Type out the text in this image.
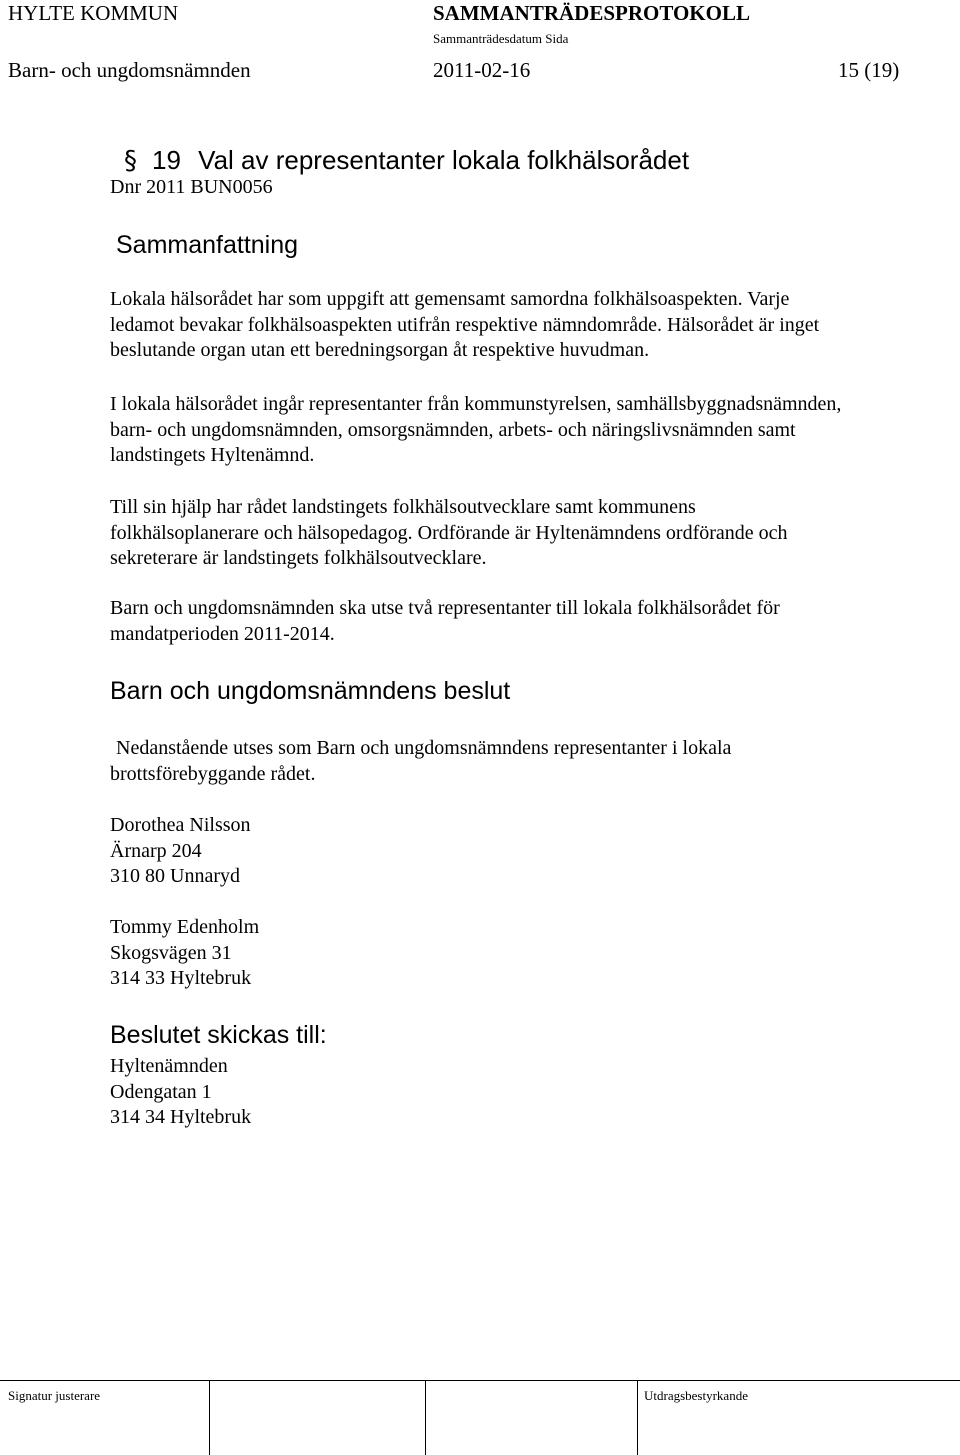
HYLTE KOMMUN	SAMMANTRÄDESPROTOKOLL
Sammanträdesdatum Sida
Barn- och ungdomsnämnden	2011-02-16	15 (19)
§ 19 Val av representanter lokala folkhälsorådet
Dnr 2011 BUN0056
Sammanfattning
Lokala hälsorådet har som uppgift att gemensamt samordna folkhälsoaspekten. Varje
ledamot bevakar folkhälsoaspekten utifrån respektive nämndområde. Hälsorådet är inget
beslutande organ utan ett beredningsorgan åt respektive huvudman.
I lokala hälsorådet ingår representanter från kommunstyrelsen, samhällsbyggnadsnämnden,
barn- och ungdomsnämnden, omsorgsnämnden, arbets- och näringslivsnämnden samt
landstingets Hyltenämnd.
Till sin hjälp har rådet landstingets folkhälsoutvecklare samt kommunens
folkhälsoplanerare och hälsopedagog. Ordförande är Hyltenämndens ordförande och
sekreterare är landstingets folkhälsoutvecklare.
Barn och ungdomsnämnden ska utse två representanter till lokala folkhälsorådet för
mandatperioden 2011-2014.
Barn och ungdomsnämndens beslut
Nedanstående utses som Barn och ungdomsnämndens representanter i lokala
brottsförebyggande rådet.
Dorothea Nilsson
Ärnarp 204
310 80 Unnaryd
Tommy Edenholm
Skogsvägen 31
314 33 Hyltebruk
Beslutet skickas till:
Hyltenämnden
Odengatan 1
314 34 Hyltebruk
Signatur justerare	Utdragsbestyrkande
